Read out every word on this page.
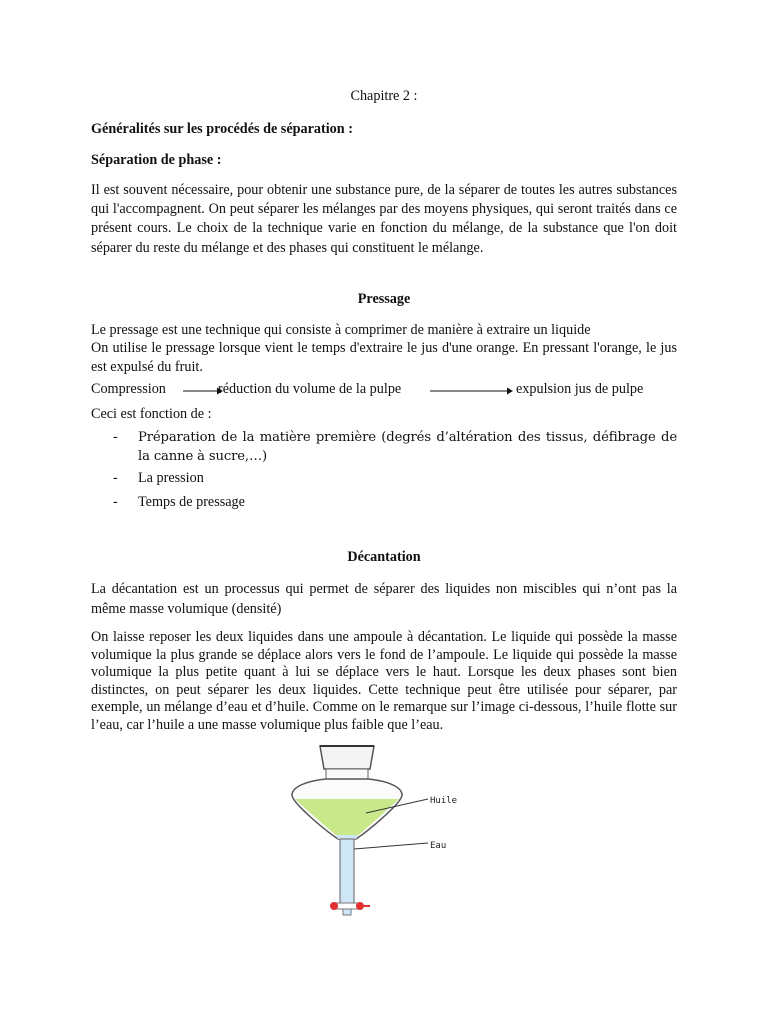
Chapitre 2 :
Généralités sur les procédés de séparation :
Séparation de phase :
Il est souvent nécessaire, pour obtenir une substance pure, de la séparer de toutes les autres substances qui l'accompagnent. On peut séparer les mélanges par des moyens physiques, qui seront traités dans ce présent cours. Le choix de la technique varie en fonction du mélange, de la substance que l'on doit séparer du reste du mélange et des phases qui constituent le mélange.
Pressage
Le pressage est une technique qui consiste à comprimer de manière à extraire un liquide
On utilise le pressage lorsque vient le temps d'extraire le jus d'une orange. En pressant l'orange, le jus est expulsé du fruit.
Compression	réduction du volume de la pulpe	expulsion jus de pulpe
Ceci est fonction de :
- Préparation de la matière première (degrés d’altération des tissus, défibrage de la canne à sucre,…)
- La pression
- Temps de pressage
Décantation
La décantation est un processus qui permet de séparer des liquides non miscibles qui n’ont pas la même masse volumique (densité)
On laisse reposer les deux liquides dans une ampoule à décantation. Le liquide qui possède la masse volumique la plus grande se déplace alors vers le fond de l’ampoule. Le liquide qui possède la masse volumique la plus petite quant à lui se déplace vers le haut. Lorsque les deux phases sont bien distinctes, on peut séparer les deux liquides. Cette technique peut être utilisée pour séparer, par exemple, un mélange d’eau et d’huile. Comme on le remarque sur l’image ci-dessous, l’huile flotte sur l’eau, car l’huile a une masse volumique plus faible que l’eau.
Huile
Eau
